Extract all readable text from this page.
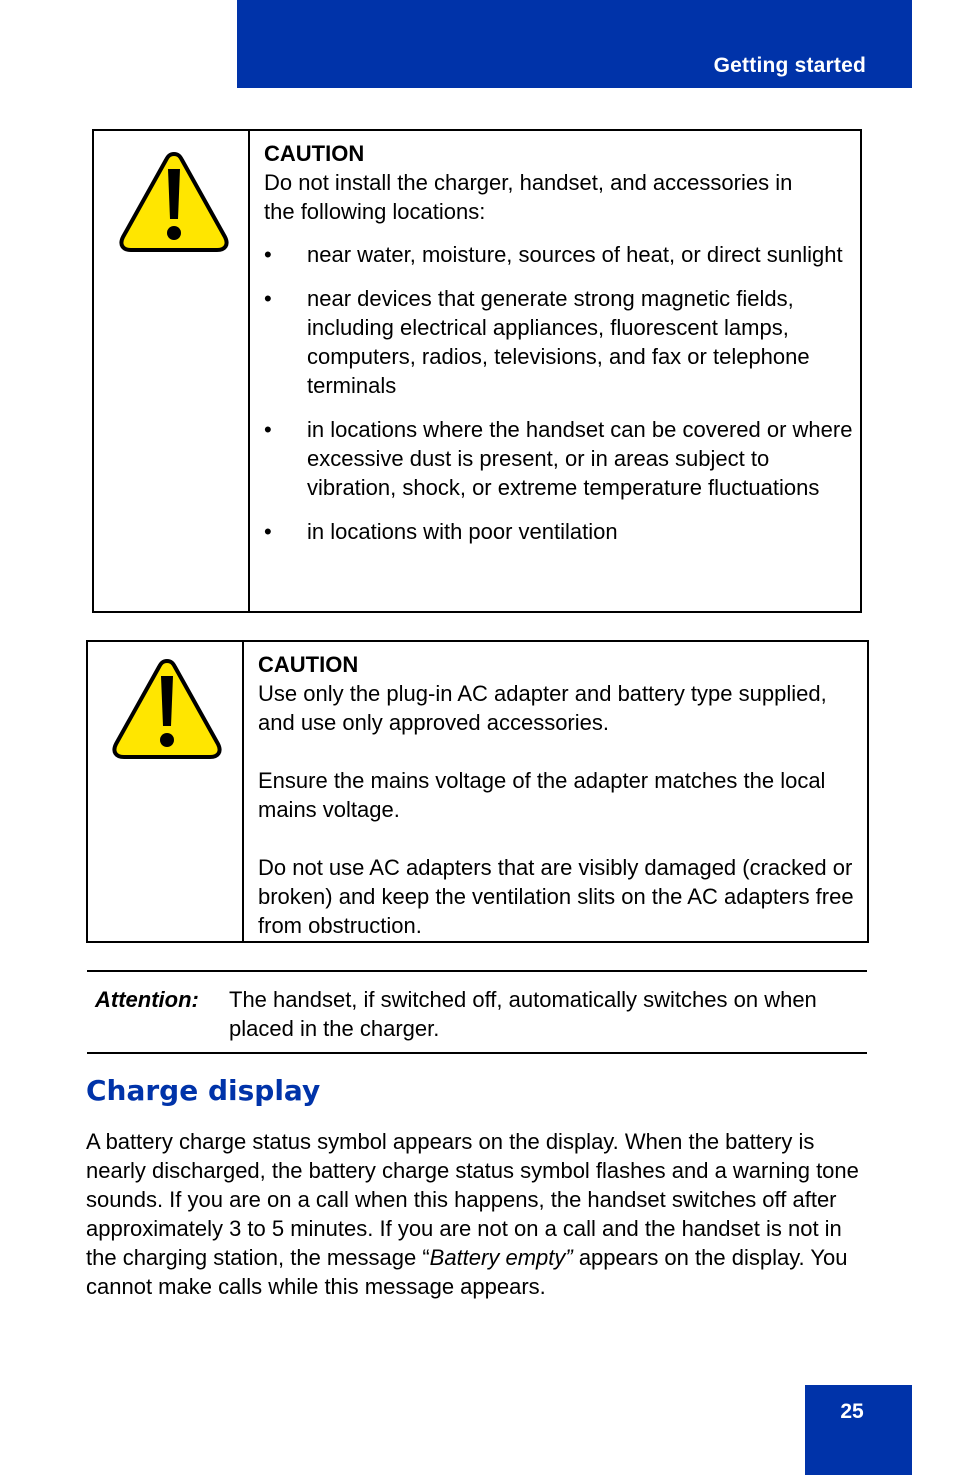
Getting started
CAUTION
Do not install the charger, handset, and accessories in
the following locations:
• near water, moisture, sources of heat, or direct sunlight
• near devices that generate strong magnetic fields, including electrical appliances, fluorescent lamps, computers, radios, televisions, and fax or telephone terminals
• in locations where the handset can be covered or where excessive dust is present, or in areas subject to vibration, shock, or extreme temperature fluctuations
• in locations with poor ventilation
CAUTION
Use only the plug-in AC adapter and battery type supplied, and use only approved accessories.
Ensure the mains voltage of the adapter matches the local mains voltage.
Do not use AC adapters that are visibly damaged (cracked or broken) and keep the ventilation slits on the AC adapters free from obstruction.
Attention: The handset, if switched off, automatically switches on when placed in the charger.
Charge display

A battery charge status symbol appears on the display. When the battery is nearly discharged, the battery charge status symbol flashes and a warning tone sounds. If you are on a call when this happens, the handset switches off after approximately 3 to 5 minutes. If you are not on a call and the handset is not in the charging station, the message “Battery empty” appears on the display. You cannot make calls while this message appears.

25
